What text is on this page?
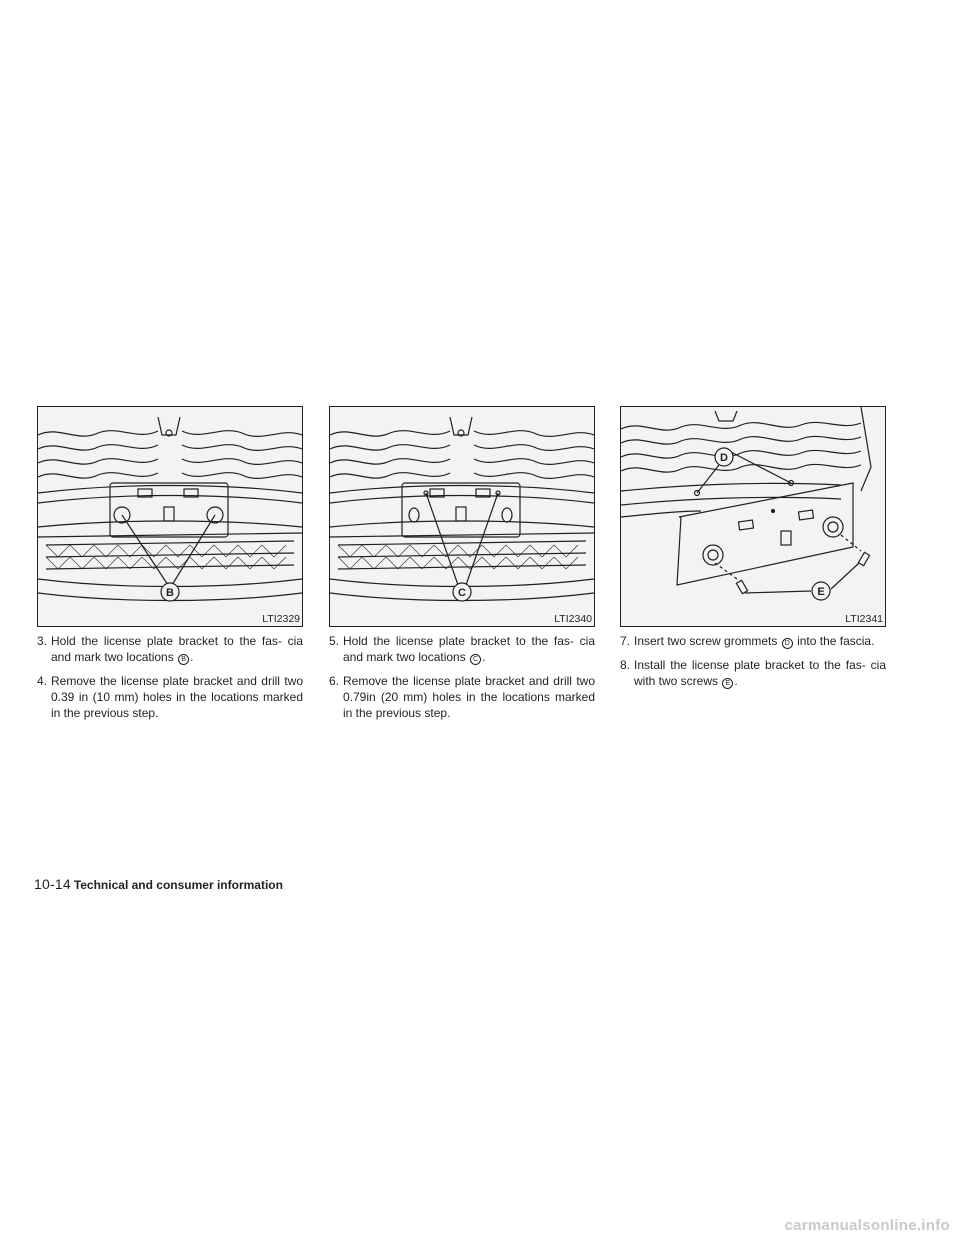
B
LTI2329

3. Hold the license plate bracket to the fas- cia and mark two locations B .

4. Remove the license plate bracket and drill two 0.39 in (10 mm) holes in the locations marked in the previous step.

C
LTI2340

5. Hold the license plate bracket to the fas- cia and mark two locations C .

6. Remove the license plate bracket and drill two 0.79in (20 mm) holes in the locations marked in the previous step.

D
E
LTI2341

7. Insert two screw grommets D into the fascia.

8. Install the license plate bracket to the fas- cia with two screws E .

10-14 Technical and consumer information
carmanualsonline.info
